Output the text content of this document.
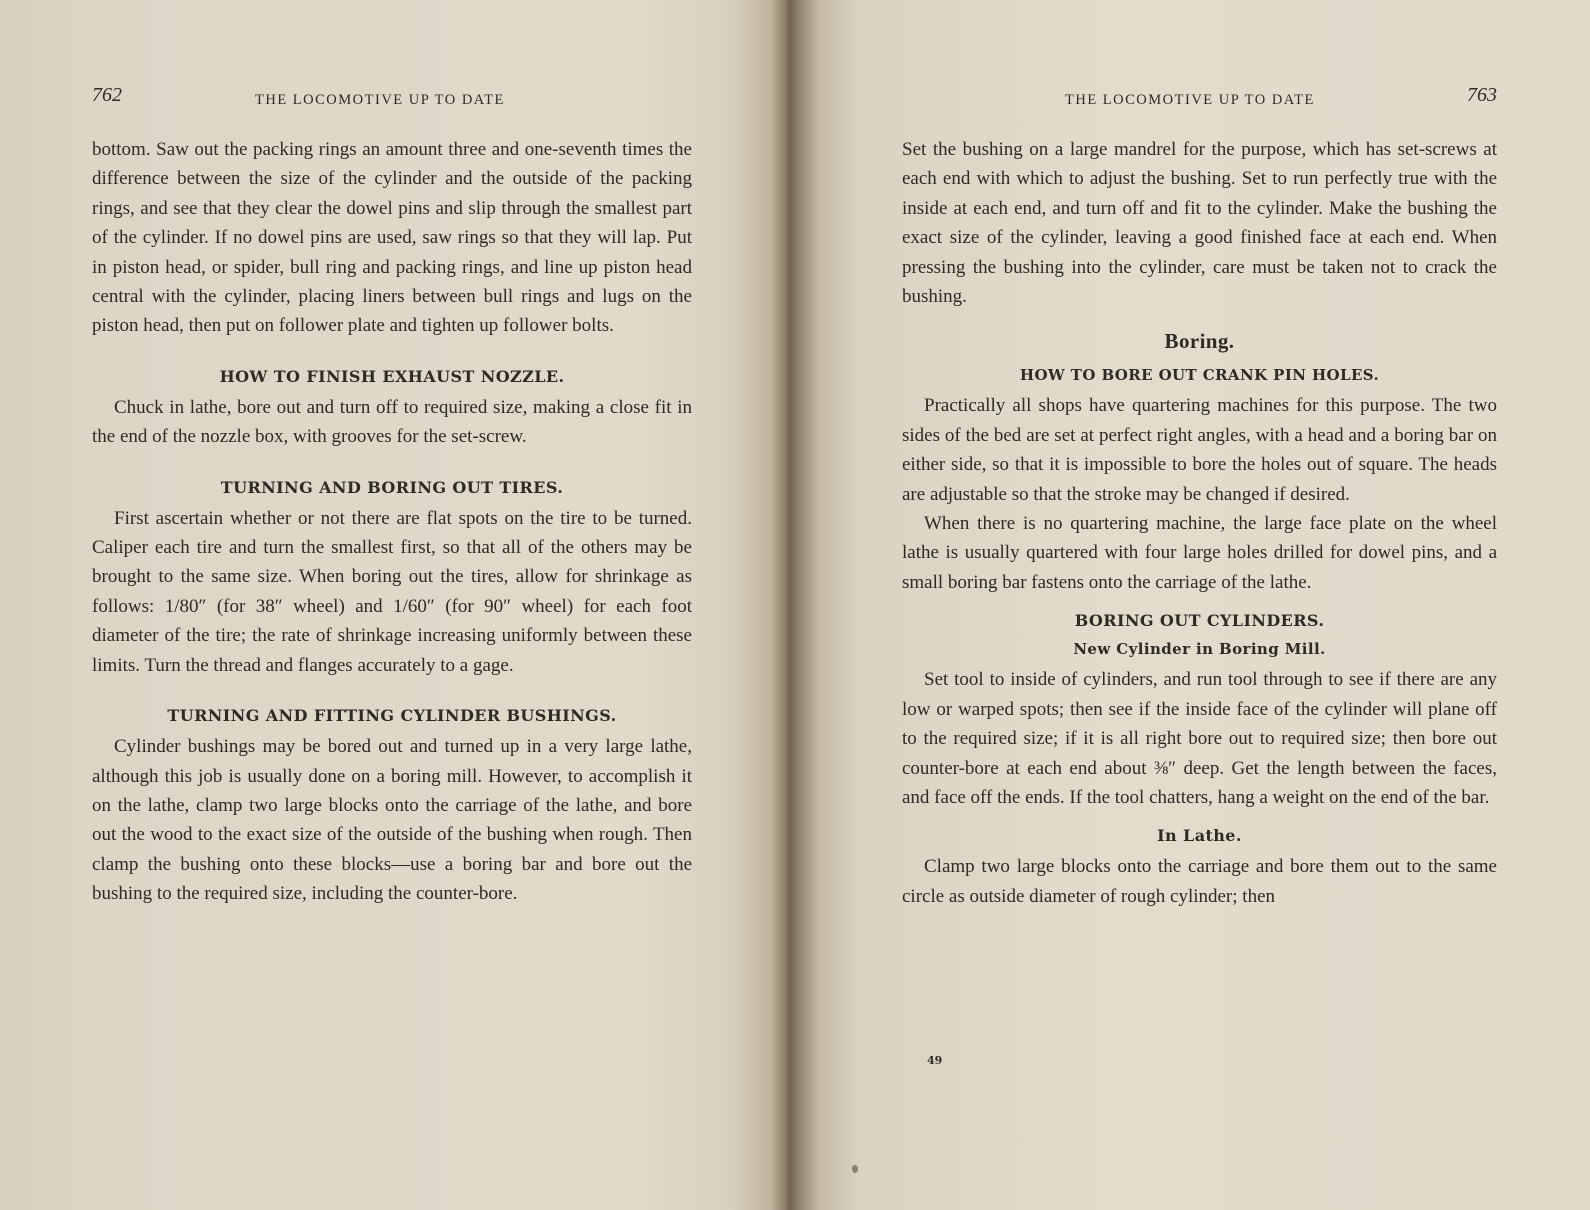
762	THE LOCOMOTIVE UP TO DATE

bottom. Saw out the packing rings an amount three and one-seventh times the difference between the size of the cylinder and the outside of the packing rings, and see that they clear the dowel pins and slip through the smallest part of the cylinder. If no dowel pins are used, saw rings so that they will lap. Put in piston head, or spider, bull ring and packing rings, and line up piston head central with the cylinder, placing liners between bull rings and lugs on the piston head, then put on follower plate and tighten up follower bolts.

HOW TO FINISH EXHAUST NOZZLE.

Chuck in lathe, bore out and turn off to required size, making a close fit in the end of the nozzle box, with grooves for the set-screw.

TURNING AND BORING OUT TIRES.

First ascertain whether or not there are flat spots on the tire to be turned. Caliper each tire and turn the smallest first, so that all of the others may be brought to the same size. When boring out the tires, allow for shrinkage as follows: 1/80″ (for 38″ wheel) and 1/60″ (for 90″ wheel) for each foot diameter of the tire; the rate of shrinkage increasing uniformly between these limits. Turn the thread and flanges accurately to a gage.

TURNING AND FITTING CYLINDER BUSHINGS.

Cylinder bushings may be bored out and turned up in a very large lathe, although this job is usually done on a boring mill. However, to accomplish it on the lathe, clamp two large blocks onto the carriage of the lathe, and bore out the wood to the exact size of the outside of the bushing when rough. Then clamp the bushing onto these blocks—use a boring bar and bore out the bushing to the required size, including the counter-bore.

THE LOCOMOTIVE UP TO DATE	763

Set the bushing on a large mandrel for the purpose, which has set-screws at each end with which to adjust the bushing. Set to run perfectly true with the inside at each end, and turn off and fit to the cylinder. Make the bushing the exact size of the cylinder, leaving a good finished face at each end. When pressing the bushing into the cylinder, care must be taken not to crack the bushing.

Boring.
HOW TO BORE OUT CRANK PIN HOLES.

Practically all shops have quartering machines for this purpose. The two sides of the bed are set at perfect right angles, with a head and a boring bar on either side, so that it is impossible to bore the holes out of square. The heads are adjustable so that the stroke may be changed if desired.

When there is no quartering machine, the large face plate on the wheel lathe is usually quartered with four large holes drilled for dowel pins, and a small boring bar fastens onto the carriage of the lathe.

BORING OUT CYLINDERS.
New Cylinder in Boring Mill.

Set tool to inside of cylinders, and run tool through to see if there are any low or warped spots; then see if the inside face of the cylinder will plane off to the required size; if it is all right bore out to required size; then bore out counter-bore at each end about ⅜″ deep. Get the length between the faces, and face off the ends. If the tool chatters, hang a weight on the end of the bar.

In Lathe.

Clamp two large blocks onto the carriage and bore them out to the same circle as outside diameter of rough cylinder; then

49
